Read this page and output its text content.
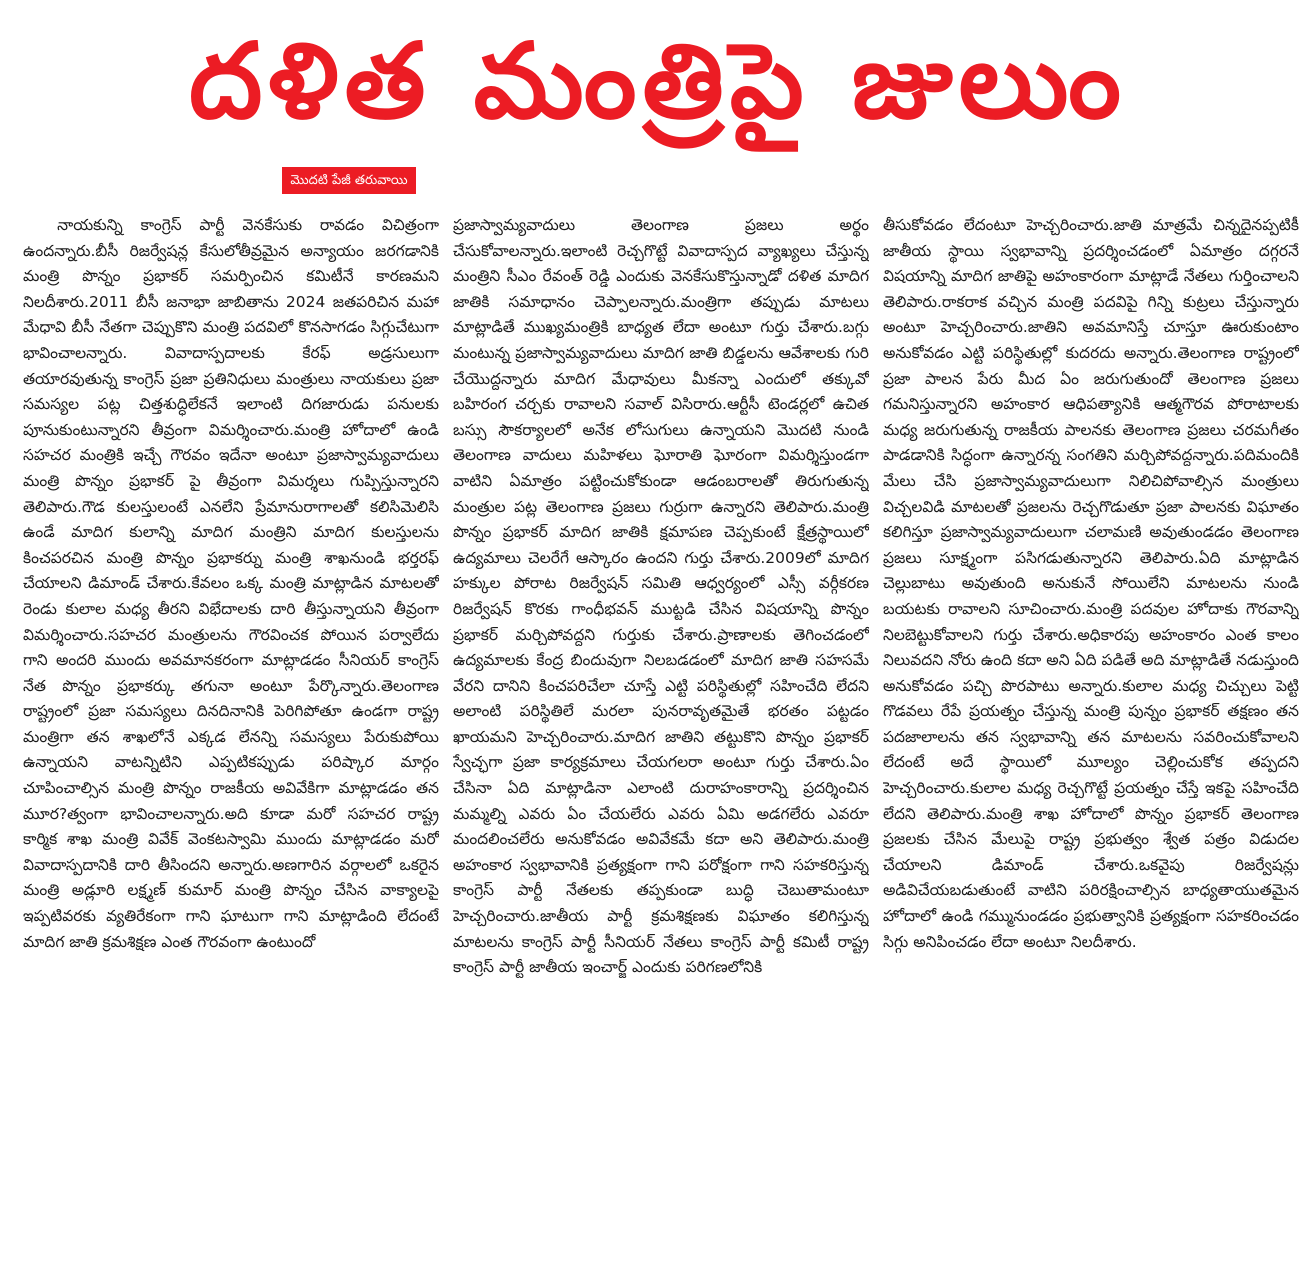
దళిత మంత్రిపై జులుం
మొదటి పేజీ తరువాయి

నాయకున్ని కాంగ్రెస్ పార్టీ వెనకేసుకు రావడం విచిత్రంగా ఉందన్నారు.బీసీ రిజర్వేషన్ల కేసులోతీవ్రమైన అన్యాయం జరగడానికి మంత్రి పొన్నం ప్రభాకర్ సమర్పించిన కమిటీనే కారణమని నిలదీశారు.2011 బీసీ జనాభా జాబితాను 2024 జతపరిచిన మహా మేధావి బీసీ నేతగా చెప్పుకొని మంత్రి పదవిలో కొనసాగడం సిగ్గుచేటుగా భావించాలన్నారు. వివాదాస్పదాలకు కేరఫ్ అడ్రసులుగా తయారవుతున్న కాంగ్రెస్ ప్రజా ప్రతినిధులు మంత్రులు నాయకులు ప్రజా సమస్యల పట్ల చిత్తశుద్ధిలేకనే ఇలాంటి దిగజారుడు పనులకు పూనుకుంటున్నారని తీవ్రంగా విమర్శించారు.మంత్రి హోదాలో ఉండి సహచర మంత్రికి ఇచ్చే గౌరవం ఇదేనా అంటూ ప్రజాస్వామ్యవాదులు మంత్రి పొన్నం ప్రభాకర్ పై తీవ్రంగా విమర్శలు గుప్పిస్తున్నారని తెలిపారు.గౌడ కులస్తులంటే ఎనలేని ప్రేమానురాగాలతో కలిసిమెలిసి ఉండే మాదిగ కులాన్ని మాదిగ మంత్రిని మాదిగ కులస్తులను కించపరచిన మంత్రి పొన్నం ప్రభాకర్ను మంత్రి శాఖనుండి భర్తరఫ్ చేయాలని డిమాండ్ చేశారు.కేవలం ఒక్క మంత్రి మాట్లాడిన మాటలతో రెండు కులాల మధ్య తీరని విభేదాలకు దారి తీస్తున్నాయని తీవ్రంగా విమర్శించారు.సహచర మంత్రులను గౌరవించక పోయిన పర్వాలేదు గాని అందరి ముందు అవమానకరంగా మాట్లాడడం సీనియర్ కాంగ్రెస్ నేత పొన్నం ప్రభాకర్కు తగునా అంటూ పేర్కొన్నారు.తెలంగాణ రాష్ట్రంలో ప్రజా సమస్యలు దినదినానికి పెరిగిపోతూ ఉండగా రాష్ట్ర మంత్రిగా తన శాఖలోనే ఎక్కడ లేనన్ని సమస్యలు పేరుకుపోయి ఉన్నాయని వాటన్నిటిని ఎప్పటికప్పుడు పరిష్కార మార్గం చూపించాల్సిన మంత్రి పొన్నం రాజకీయ అవివేకిగా మాట్లాడడం తన మూర?త్వంగా భావించాలన్నారు.అది కూడా మరో సహచర రాష్ట్ర కార్మిక శాఖ మంత్రి వివేక్ వెంకటస్వామి ముందు మాట్లాడడం మరో వివాదాస్పదానికి దారి తీసిందని అన్నారు.అణగారిన వర్గాలలో ఒకరైన మంత్రి అడ్లూరి లక్ష్మణ్ కుమార్ మంత్రి పొన్నం చేసిన వాక్యాలపై ఇప్పటివరకు వ్యతిరేకంగా గాని ఘాటుగా గాని మాట్లాడింది లేదంటే మాదిగ జాతి క్రమశిక్షణ ఎంత గౌరవంగా ఉంటుందో

ప్రజాస్వామ్యవాదులు తెలంగాణ ప్రజలు అర్థం చేసుకోవాలన్నారు.ఇలాంటి రెచ్చగొట్టే వివాదాస్పద వ్యాఖ్యలు చేస్తున్న మంత్రిని సీఎం రేవంత్ రెడ్డి ఎందుకు వెనకేసుకొస్తున్నాడో దళిత మాదిగ జాతికి సమాధానం చెప్పాలన్నారు.మంత్రిగా తప్పుడు మాటలు మాట్లాడితే ముఖ్యమంత్రికి బాధ్యత లేదా అంటూ గుర్తు చేశారు.బగ్గు మంటున్న ప్రజాస్వామ్యవాదులు మాదిగ జాతి బిడ్డలను ఆవేశాలకు గురి చేయొద్దన్నారు మాదిగ మేధావులు మీకన్నా ఎందులో తక్కువో బహిరంగ చర్చకు రావాలని సవాల్ విసిరారు.ఆర్టీసీ టెండర్లలో ఉచిత బస్సు సౌకర్యాలలో అనేక లోసుగులు ఉన్నాయని మొదటి నుండి తెలంగాణ వాదులు మహిళలు ఘోరాతి ఘోరంగా విమర్శిస్తుండగా వాటిని ఏమాత్రం పట్టించుకోకుండా ఆడంబరాలతో తిరుగుతున్న మంత్రుల పట్ల తెలంగాణ ప్రజలు గుర్రుగా ఉన్నారని తెలిపారు.మంత్రి పొన్నం ప్రభాకర్ మాదిగ జాతికి క్షమాపణ చెప్పకుంటే క్షేత్రస్థాయిలో ఉద్యమాలు చెలరేగే ఆస్కారం ఉందని గుర్తు చేశారు.2009లో మాదిగ హక్కుల పోరాట రిజర్వేషన్ సమితి ఆధ్వర్యంలో ఎస్సీ వర్గీకరణ రిజర్వేషన్ కొరకు గాంధీభవన్ ముట్టడి చేసిన విషయాన్ని పొన్నం ప్రభాకర్ మర్చిపోవద్దని గుర్తుకు చేశారు.ప్రాణాలకు తెగించడంలో ఉద్యమాలకు కేంద్ర బిందువుగా నిలబడడంలో మాదిగ జాతి సహసమే వేరని దానిని కించపరిచేలా చూస్తే ఎట్టి పరిస్థితుల్లో సహించేది లేదని అలాంటి పరిస్థితిలే మరలా పునరావృతమైతే భరతం పట్టడం ఖాయమని హెచ్చరించారు.మాదిగ జాతిని తట్టుకొని పొన్నం ప్రభాకర్ స్వేచ్ఛగా ప్రజా కార్యక్రమాలు చేయగలరా అంటూ గుర్తు చేశారు.ఏం చేసినా ఏది మాట్లాడినా ఎలాంటి దురాహంకారాన్ని ప్రదర్శించిన మమ్మల్ని ఎవరు ఏం చేయలేరు ఎవరు ఏమి అడగలేరు ఎవరూ మందలించలేరు అనుకోవడం అవివేకమే కదా అని తెలిపారు.మంత్రి అహంకార స్వభావానికి ప్రత్యక్షంగా గాని పరోక్షంగా గాని సహకరిస్తున్న కాంగ్రెస్ పార్టీ నేతలకు తప్పకుండా బుద్ధి చెబుతామంటూ హెచ్చరించారు.జాతీయ పార్టీ క్రమశిక్షణకు విఘాతం కలిగిస్తున్న మాటలను కాంగ్రెస్ పార్టీ సీనియర్ నేతలు కాంగ్రెస్ పార్టీ కమిటీ రాష్ట్ర కాంగ్రెస్ పార్టీ జాతీయ ఇంచార్జ్ ఎందుకు పరిగణలోనికి

తీసుకోవడం లేదంటూ హెచ్చరించారు.జాతి మాత్రమే చిన్నదైనప్పటికీ జాతీయ స్థాయి స్వభావాన్ని ప్రదర్శించడంలో ఏమాత్రం దగ్గరనే విషయాన్ని మాదిగ జాతిపై అహంకారంగా మాట్లాడే నేతలు గుర్తించాలని తెలిపారు.రాకరాక వచ్చిన మంత్రి పదవిపై గిన్ని కుట్రలు చేస్తున్నారు అంటూ హెచ్చరించారు.జాతిని అవమానిస్తే చూస్తూ ఊరుకుంటాం అనుకోవడం ఎట్టి పరిస్థితుల్లో కుదరదు అన్నారు.తెలంగాణ రాష్ట్రంలో ప్రజా పాలన పేరు మీద ఏం జరుగుతుందో తెలంగాణ ప్రజలు గమనిస్తున్నారని అహంకార ఆధిపత్యానికి ఆత్మగౌరవ పోరాటాలకు మధ్య జరుగుతున్న రాజకీయ పాలనకు తెలంగాణ ప్రజలు చరమగీతం పాడడానికి సిద్ధంగా ఉన్నారన్న సంగతిని మర్చిపోవద్దన్నారు.పదిమందికి మేలు చేసి ప్రజాస్వామ్యవాదులుగా నిలిచిపోవాల్సిన మంత్రులు విచ్చలవిడి మాటలతో ప్రజలను రెచ్చగొడుతూ ప్రజా పాలనకు విఘాతం కలిగిస్తూ ప్రజాస్వామ్యవాదులుగా చలామణి అవుతుండడం తెలంగాణ ప్రజలు సూక్ష్మంగా పసిగడుతున్నారని తెలిపారు.ఏది మాట్లాడిన చెల్లుబాటు అవుతుంది అనుకునే సోయిలేని మాటలను నుండి బయటకు రావాలని సూచించారు.మంత్రి పదవుల హోదాకు గౌరవాన్ని నిలబెట్టుకోవాలని గుర్తు చేశారు.అధికారపు అహంకారం ఎంత కాలం నిలువదని నోరు ఉంది కదా అని ఏది పడితే అది మాట్లాడితే నడుస్తుంది అనుకోవడం పచ్చి పొరపాటు అన్నారు.కులాల మధ్య చిచ్చులు పెట్టి గొడవలు రేపే ప్రయత్నం చేస్తున్న మంత్రి పున్నం ప్రభాకర్ తక్షణం తన పదజాలాలను తన స్వభావాన్ని తన మాటలను సవరించుకోవాలని లేదంటే అదే స్థాయిలో మూల్యం చెల్లించుకోక తప్పదని హెచ్చరించారు.కులాల మధ్య రెచ్చగొట్టే ప్రయత్నం చేస్తే ఇకపై సహించేది లేదని తెలిపారు.మంత్రి శాఖ హోదాలో పొన్నం ప్రభాకర్ తెలంగాణ ప్రజలకు చేసిన మేలుపై రాష్ట్ర ప్రభుత్వం శ్వేత పత్రం విడుదల చేయాలని డిమాండ్ చేశారు.ఒకవైపు రిజర్వేషన్లు అడివిచేయబడుతుంటే వాటిని పరిరక్షించాల్సిన బాధ్యతాయుతమైన హోదాలో ఉండి గమ్మునుండడం ప్రభుత్వానికి ప్రత్యక్షంగా సహకరించడం సిగ్గు అనిపించడం లేదా అంటూ నిలదీశారు.
